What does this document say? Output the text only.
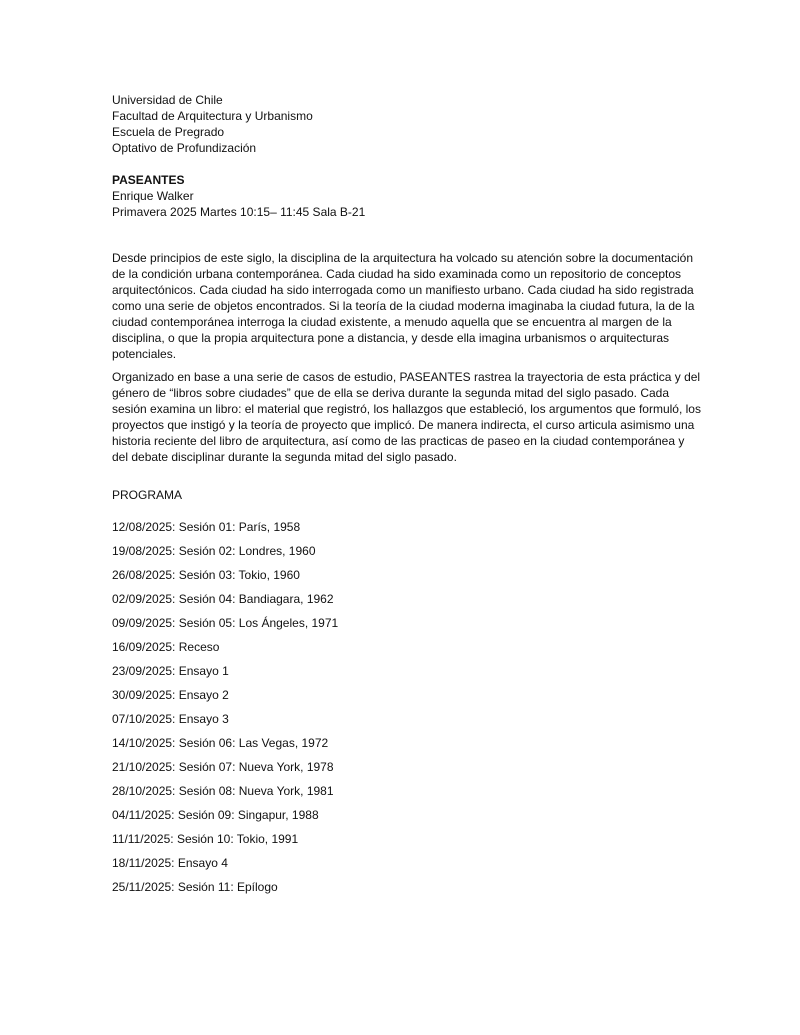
Universidad de Chile

Facultad de Arquitectura y Urbanismo

Escuela de Pregrado

Optativo de Profundización

PASEANTES

Enrique Walker

Primavera 2025 Martes 10:15– 11:45 Sala B-21

Desde principios de este siglo, la disciplina de la arquitectura ha volcado su atención sobre la documentación de la condición urbana contemporánea. Cada ciudad ha sido examinada como un repositorio de conceptos arquitectónicos. Cada ciudad ha sido interrogada como un manifiesto urbano. Cada ciudad ha sido registrada como una serie de objetos encontrados. Si la teoría de la ciudad moderna imaginaba la ciudad futura, la de la ciudad contemporánea interroga la ciudad existente, a menudo aquella que se encuentra al margen de la disciplina, o que la propia arquitectura pone a distancia, y desde ella imagina urbanismos o arquitecturas potenciales.

Organizado en base a una serie de casos de estudio, PASEANTES rastrea la trayectoria de esta práctica y del género de “libros sobre ciudades” que de ella se deriva durante la segunda mitad del siglo pasado. Cada sesión examina un libro: el material que registró, los hallazgos que estableció, los argumentos que formuló, los proyectos que instigó y la teoría de proyecto que implicó. De manera indirecta, el curso articula asimismo una historia reciente del libro de arquitectura, así como de las practicas de paseo en la ciudad contemporánea y del debate disciplinar durante la segunda mitad del siglo pasado.

PROGRAMA
12/08/2025: Sesión 01: París, 1958
19/08/2025: Sesión 02: Londres, 1960
26/08/2025: Sesión 03: Tokio, 1960
02/09/2025: Sesión 04: Bandiagara, 1962
09/09/2025: Sesión 05: Los Ángeles, 1971
16/09/2025: Receso
23/09/2025: Ensayo 1
30/09/2025: Ensayo 2
07/10/2025: Ensayo 3
14/10/2025: Sesión 06: Las Vegas, 1972
21/10/2025: Sesión 07: Nueva York, 1978
28/10/2025: Sesión 08: Nueva York, 1981
04/11/2025: Sesión 09: Singapur, 1988
11/11/2025: Sesión 10: Tokio, 1991
18/11/2025: Ensayo 4
25/11/2025: Sesión 11: Epílogo
